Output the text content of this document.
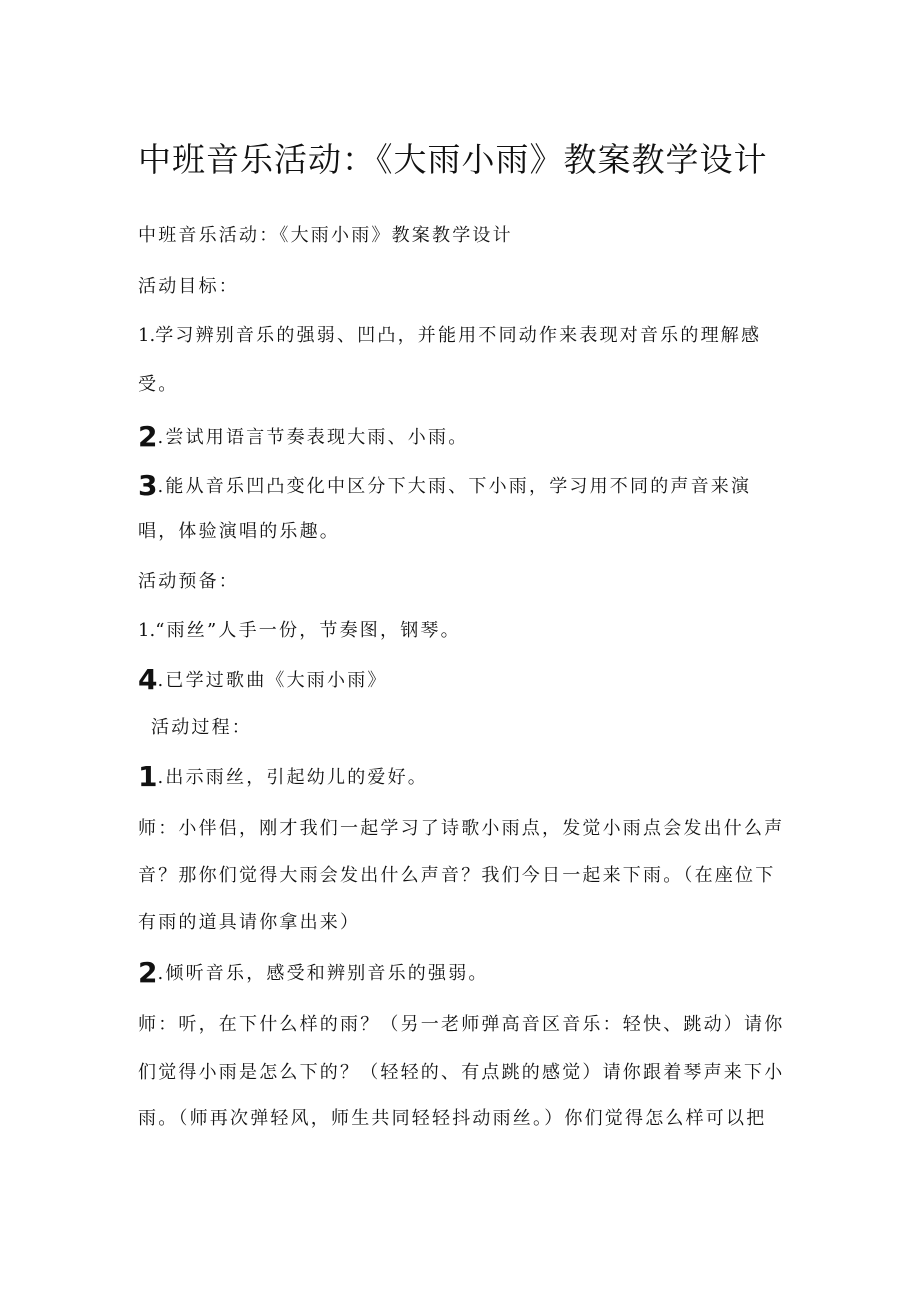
中班音乐活动：《大雨小雨》教案教学设计
中班音乐活动：《大雨小雨》教案教学设计
活动目标：
1.学习辨别音乐的强弱、凹凸，并能用不同动作来表现对音乐的理解感
受。
2.尝试用语言节奏表现大雨、小雨。
3.能从音乐凹凸变化中区分下大雨、下小雨，学习用不同的声音来演
唱，体验演唱的乐趣。
活动预备：
1.“雨丝”人手一份，节奏图，钢琴。
4.已学过歌曲《大雨小雨》
活动过程：
1.出示雨丝，引起幼儿的爱好。
师：小伴侣，刚才我们一起学习了诗歌小雨点，发觉小雨点会发出什么声
音？那你们觉得大雨会发出什么声音？我们今日一起来下雨。（在座位下
有雨的道具请你拿出来）
2.倾听音乐，感受和辨别音乐的强弱。
师：听，在下什么样的雨？（另一老师弹高音区音乐：轻快、跳动）请你
们觉得小雨是怎么下的？（轻轻的、有点跳的感觉）请你跟着琴声来下小
雨。（师再次弹轻风，师生共同轻轻抖动雨丝。）你们觉得怎么样可以把
